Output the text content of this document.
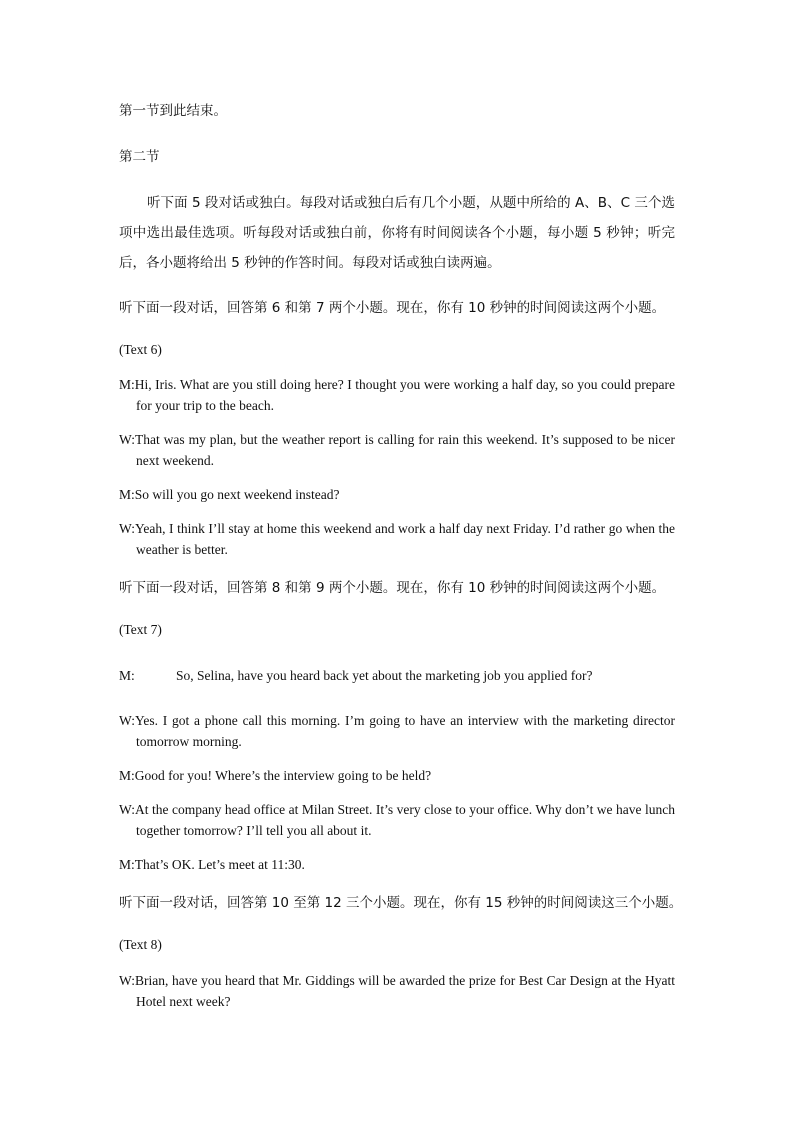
第一节到此结束。
第二节
听下面 5 段对话或独白。每段对话或独白后有几个小题，从题中所给的 A、B、C 三个选项中选出最佳选项。听每段对话或独白前，你将有时间阅读各个小题，每小题 5 秒钟；听完后，各小题将给出 5 秒钟的作答时间。每段对话或独白读两遍。
听下面一段对话，回答第 6 和第 7 两个小题。现在，你有 10 秒钟的时间阅读这两个小题。
(Text 6)
M:Hi, Iris. What are you still doing here? I thought you were working a half day, so you could prepare for your trip to the beach.
W:That was my plan, but the weather report is calling for rain this weekend. It’s supposed to be nicer next weekend.
M:So will you go next weekend instead?
W:Yeah, I think I’ll stay at home this weekend and work a half day next Friday. I’d rather go when the weather is better.
听下面一段对话，回答第 8 和第 9 两个小题。现在，你有 10 秒钟的时间阅读这两个小题。
(Text 7)
M:	So, Selina, have you heard back yet about the marketing job you applied for?
W:Yes. I got a phone call this morning. I’m going to have an interview with the marketing director tomorrow morning.
M:Good for you! Where’s the interview going to be held?
W:At the company head office at Milan Street. It’s very close to your office. Why don’t we have lunch together tomorrow? I’ll tell you all about it.
M:That’s OK. Let’s meet at 11:30.
听下面一段对话，回答第 10 至第 12 三个小题。现在，你有 15 秒钟的时间阅读这三个小题。
(Text 8)
W:Brian, have you heard that Mr. Giddings will be awarded the prize for Best Car Design at the Hyatt Hotel next week?
